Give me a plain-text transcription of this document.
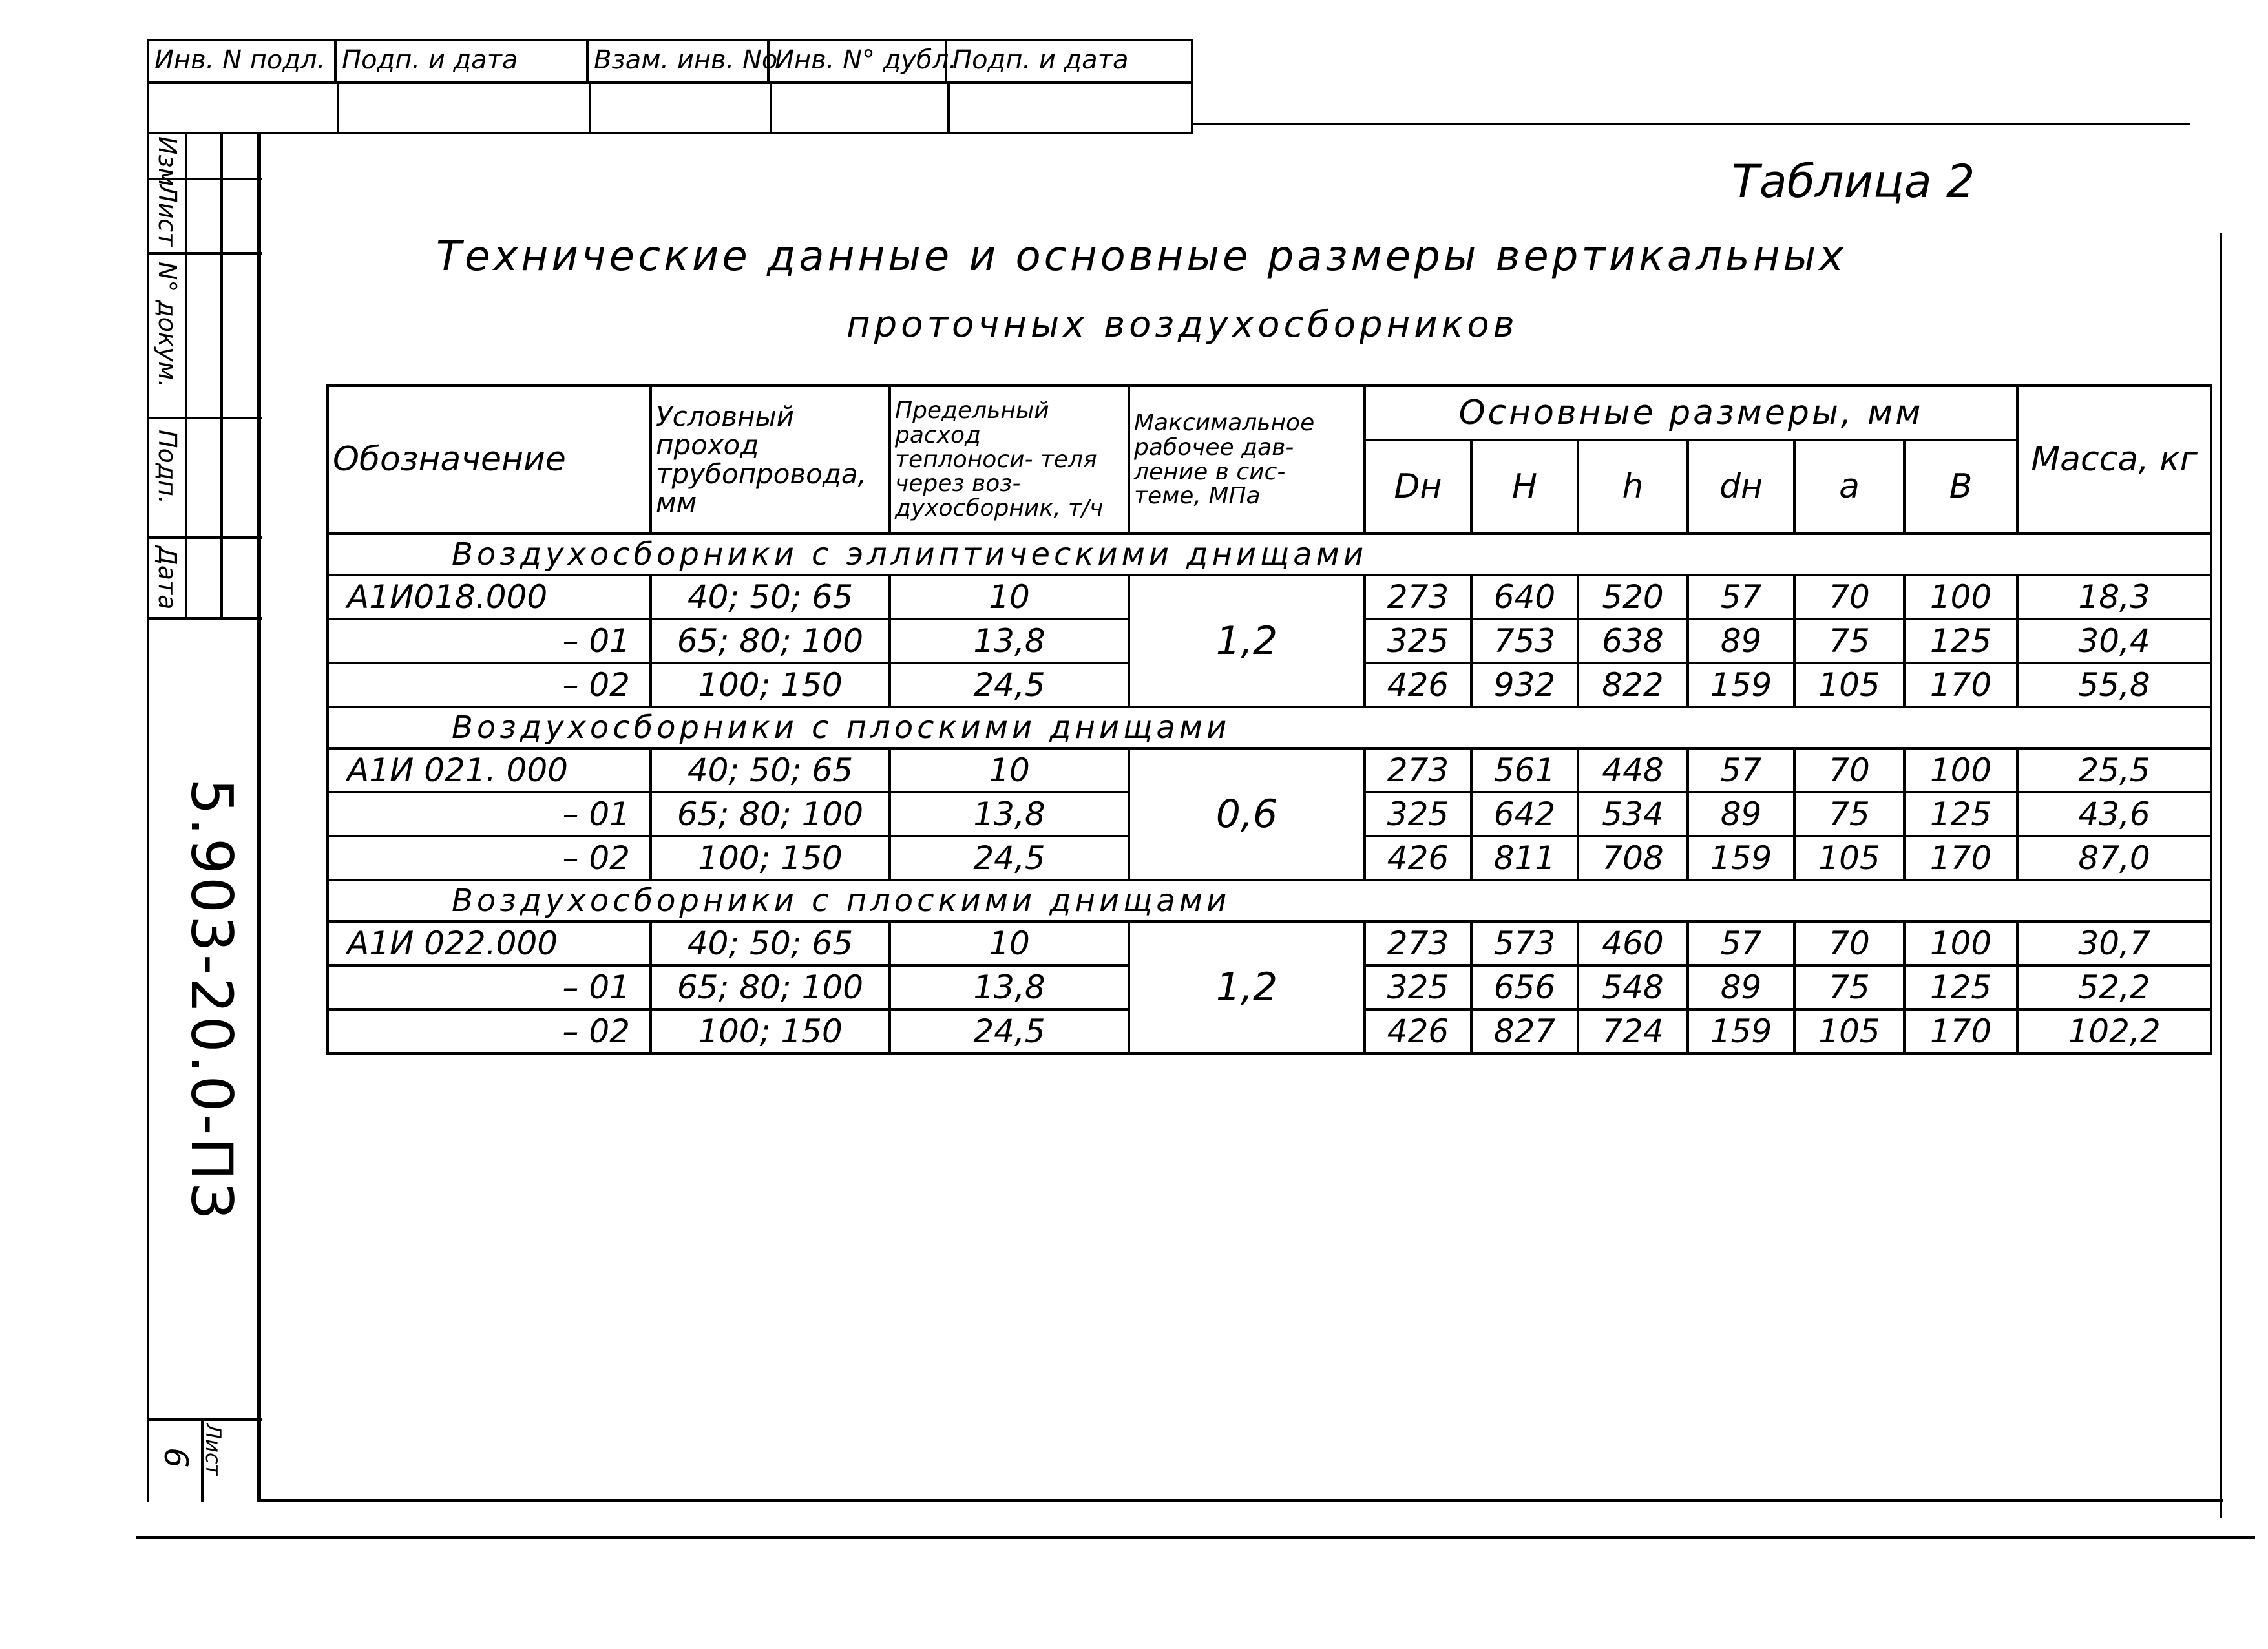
Инв. N подл. Подп. и дата	Взам. инв. No
Инв. N° дубл.
Подп. и дата
Изм
Лист
N° докум.
Подп.
Дата
5.903-20.0-ПЗ
Лист
6
Таблица 2
Технические данные и основные размеры вертикальных
проточных воздухосборников
Обозначение	Условный проход трубопровода, мм	Предельный расход теплоноси- теля через воз- духосборник, т/ч	Максимальное рабочее дав- ление в сис- теме, МПа	Основные размеры, мм						Масса, кг
				Dн	H	h	dн	a	B	
Воздухосборники с эллиптическими днищами										
А1И018.000	40; 50; 65	10	1,2	273	640	520	57	70	100	18,3
– 01	65; 80; 100	13,8		325	753	638	89	75	125	30,4
– 02	100; 150	24,5		426	932	822	159	105	170	55,8
Воздухосборники с плоскими днищами										
А1И 021. 000	40; 50; 65	10	0,6	273	561	448	57	70	100	25,5
– 01	65; 80; 100	13,8		325	642	534	89	75	125	43,6
– 02	100; 150	24,5		426	811	708	159	105	170	87,0
Воздухосборники с плоскими днищами										
А1И 022.000	40; 50; 65	10	1,2	273	573	460	57	70	100	30,7
– 01	65; 80; 100	13,8		325	656	548	89	75	125	52,2
– 02	100; 150	24,5		426	827	724	159	105	170	102,2
